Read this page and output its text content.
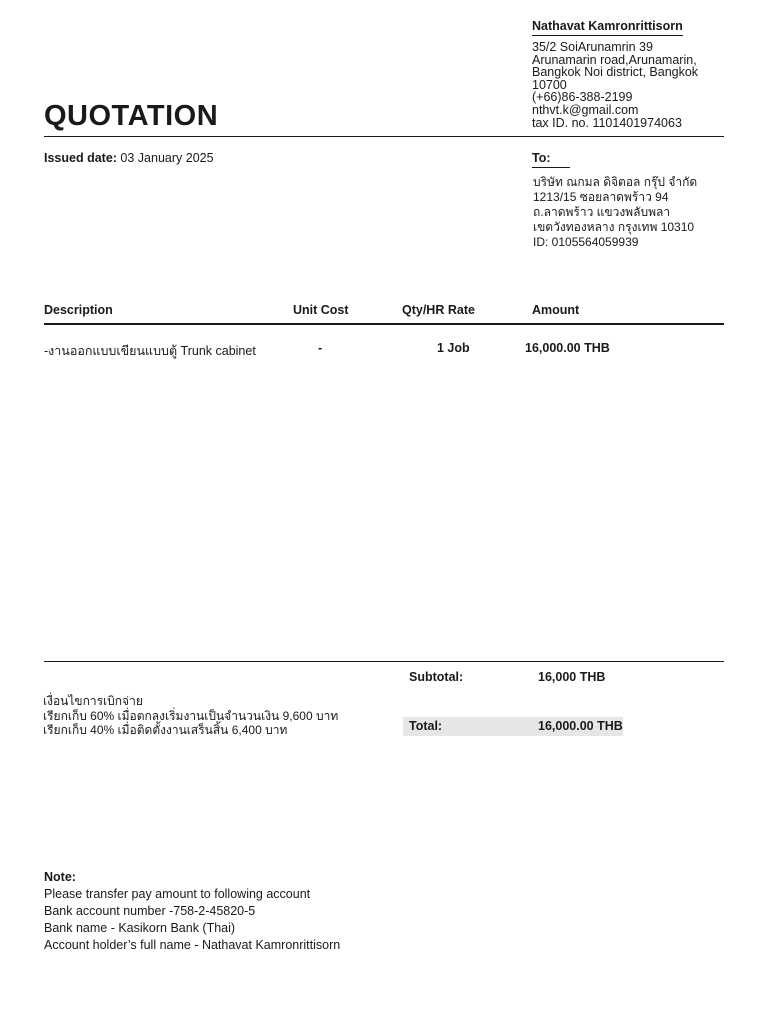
Nathavat Kamronrittisorn
35/2 SoiArunamrin 39
Arunamarin road,Arunamarin,
Bangkok Noi district, Bangkok
10700
(+66)86-388-2199
nthvt.k@gmail.com
tax ID. no. 1101401974063
QUOTATION
Issued date: 03 January 2025	To:
บริษัท ณกมล ดิจิตอล กรุ๊ป จำกัด
1213/15 ซอยลาดพร้าว 94
ถ.ลาดพร้าว แขวงพลับพลา
เขตวังทองหลาง กรุงเทพ 10310
ID: 0105564059939
Description	Unit Cost	Qty/HR Rate	Amount
-งานออกแบบเขียนแบบตู้ Trunk cabinet	-	1 Job	16,000.00 THB
Subtotal:	16,000 THB
Total:	16,000.00 THB
เงื่อนไขการเบิกจ่าย
เรียกเก็บ 60% เมื่อตกลงเริ่มงานเป็นจำนวนเงิน 9,600 บาท
เรียกเก็บ 40% เมื่อติดตั้งงานเสร็นสิ้น 6,400 บาท
Note:
Please transfer pay amount to following account
Bank account number -758-2-45820-5
Bank name - Kasikorn Bank (Thai)
Account holder’s full name - Nathavat Kamronrittisorn
